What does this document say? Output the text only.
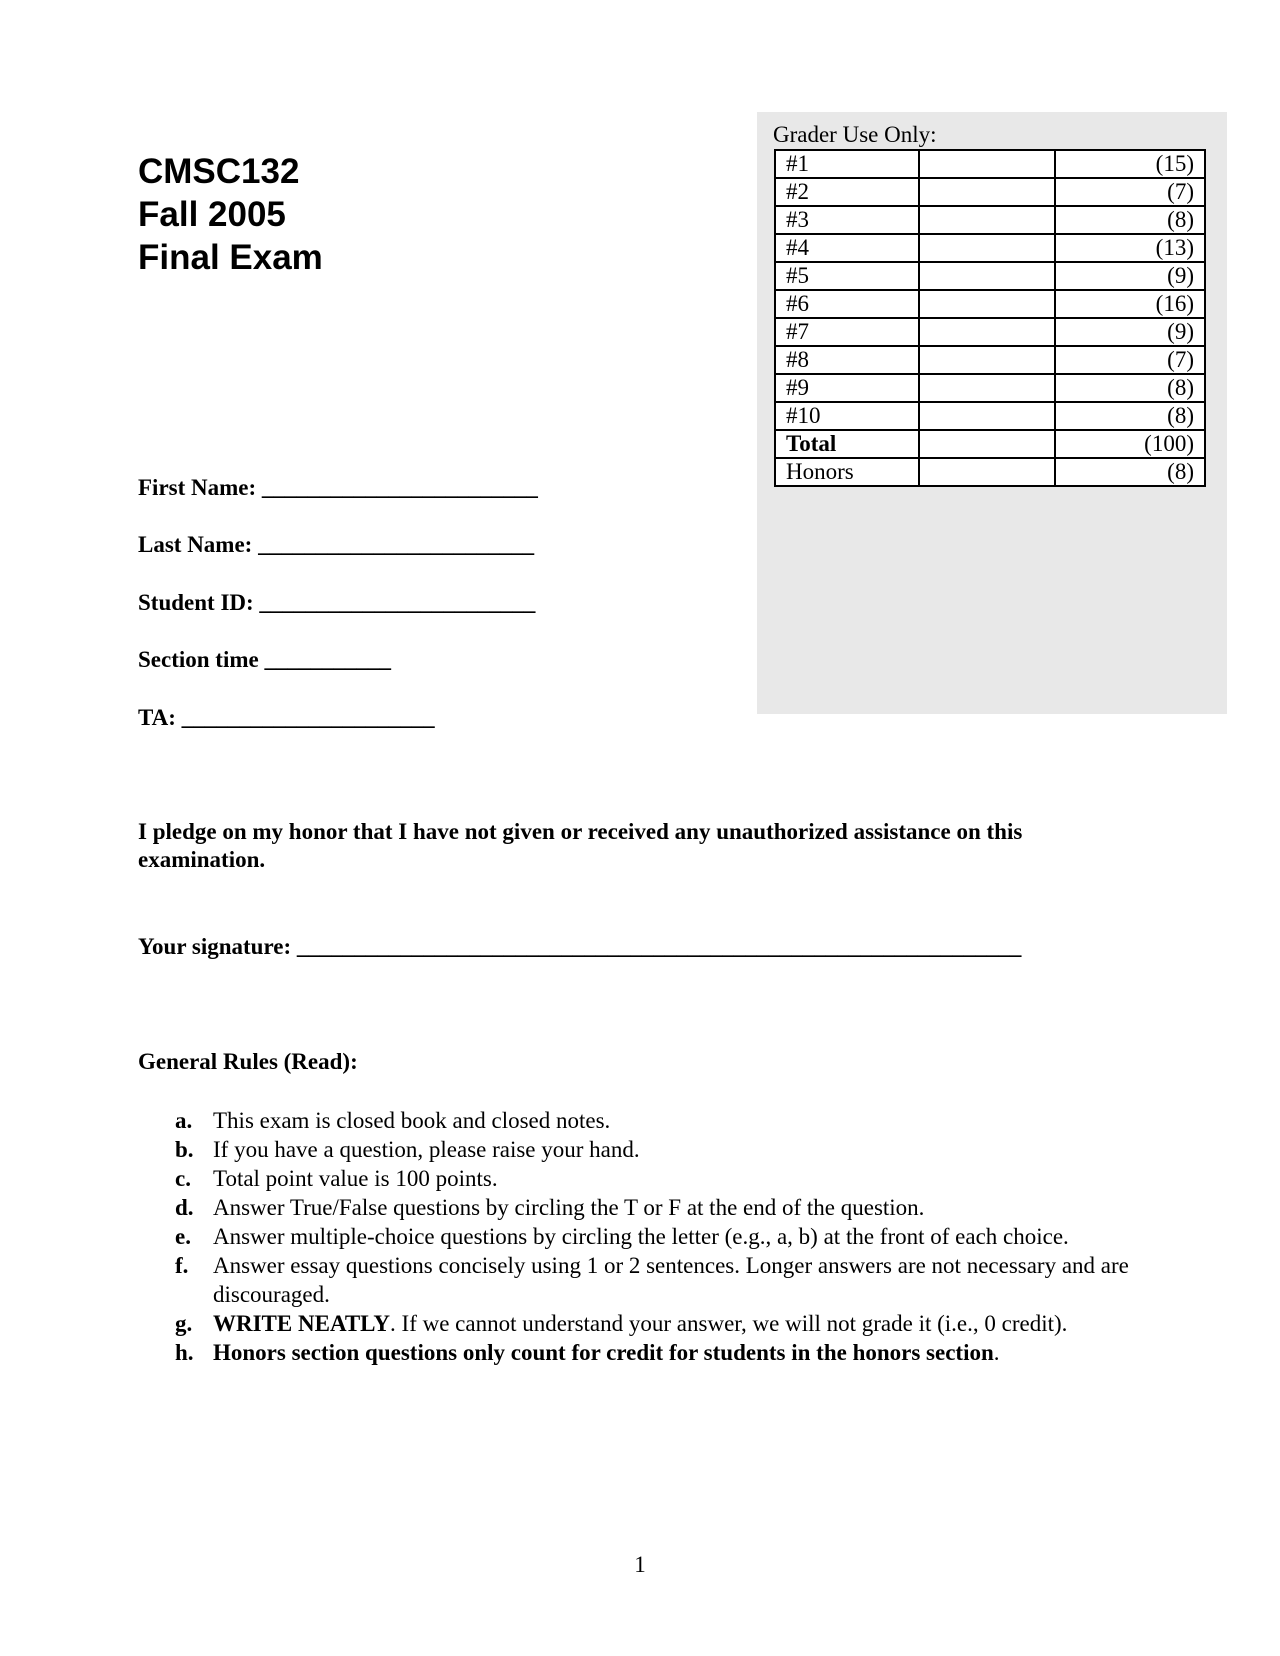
CMSC132
Fall 2005
Final Exam
Grader Use Only:
#1		(15)
#2		(7)
#3		(8)
#4		(13)
#5		(9)
#6		(16)
#7		(9)
#8		(7)
#9		(8)
#10		(8)
Total		(100)
Honors		(8)
First Name: ________________________
Last Name: ________________________
Student ID: ________________________
Section time ___________
TA: ______________________
I pledge on my honor that I have not given or received any unauthorized assistance on this examination.
Your signature: _______________________________________________________________
General Rules (Read):
a. This exam is closed book and closed notes.
b. If you have a question, please raise your hand.
c. Total point value is 100 points.
d. Answer True/False questions by circling the T or F at the end of the question.
e. Answer multiple-choice questions by circling the letter (e.g., a, b) at the front of each choice.
f.	Answer essay questions concisely using 1 or 2 sentences. Longer answers are not necessary and are discouraged.
g. WRITE NEATLY. If we cannot understand your answer, we will not grade it (i.e., 0 credit).
h. Honors section questions only count for credit for students in the honors section.
1
